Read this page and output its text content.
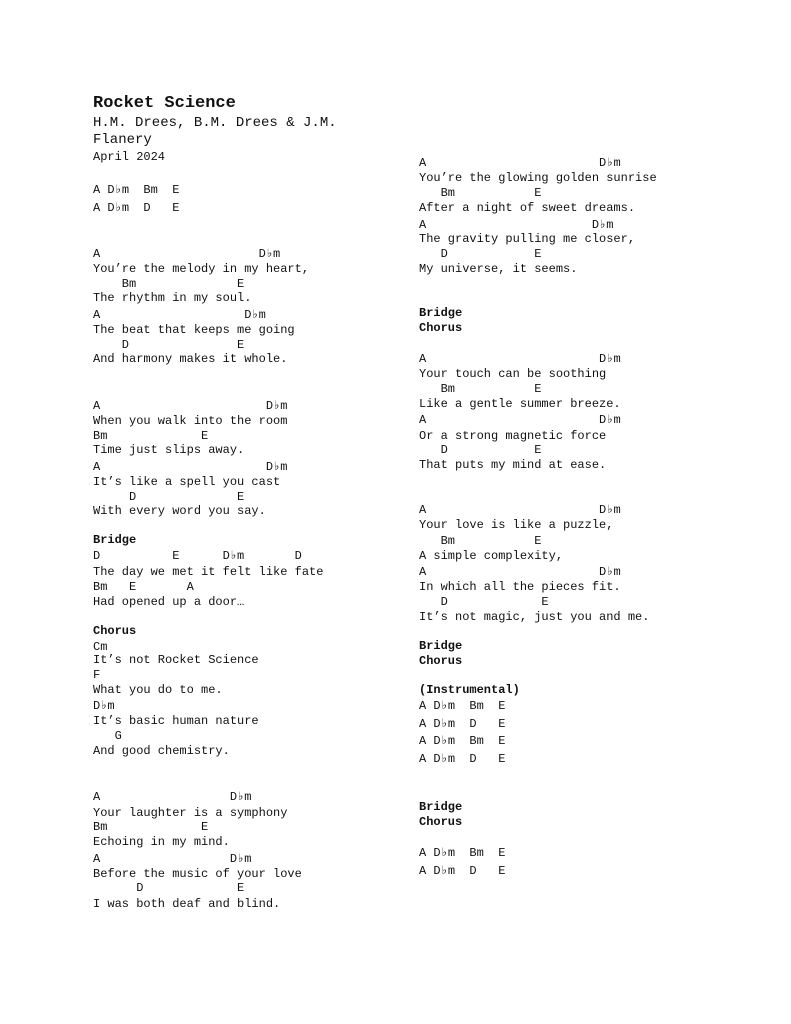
Rocket Science
H.M. Drees, B.M. Drees & J.M. Flanery
April 2024
A D♭m  Bm  E
A D♭m  D   E
A                      D♭m
You’re the melody in my heart,
Bm              E
The rhythm in my soul.
A                    D♭m
The beat that keeps me going
D               E
And harmony makes it whole.
A                       D♭m
When you walk into the room
Bm             E
Time just slips away.
A                       D♭m
It’s like a spell you cast
D              E
With every word you say.
Bridge
D          E      D♭m       D
The day we met it felt like fate
Bm   E       A
Had opened up a door…
Chorus
Cm
It’s not Rocket Science
F
What you do to me.
D♭m
It’s basic human nature
G
And good chemistry.
A                  D♭m
Your laughter is a symphony
Bm             E
Echoing in my mind.
A                  D♭m
Before the music of your love
D             E
I was both deaf and blind.
A                        D♭m
You’re the glowing golden sunrise
Bm           E
After a night of sweet dreams.
A                       D♭m
The gravity pulling me closer,
D            E
My universe, it seems.
Bridge
Chorus
A                        D♭m
Your touch can be soothing
Bm           E
Like a gentle summer breeze.
A                        D♭m
Or a strong magnetic force
D            E
That puts my mind at ease.
A                        D♭m
Your love is like a puzzle,
Bm           E
A simple complexity,
A                        D♭m
In which all the pieces fit.
D             E
It’s not magic, just you and me.
Bridge
Chorus
(Instrumental)
A D♭m  Bm  E
A D♭m  D   E
A D♭m  Bm  E
A D♭m  D   E
Bridge
Chorus
A D♭m  Bm  E
A D♭m  D   E
